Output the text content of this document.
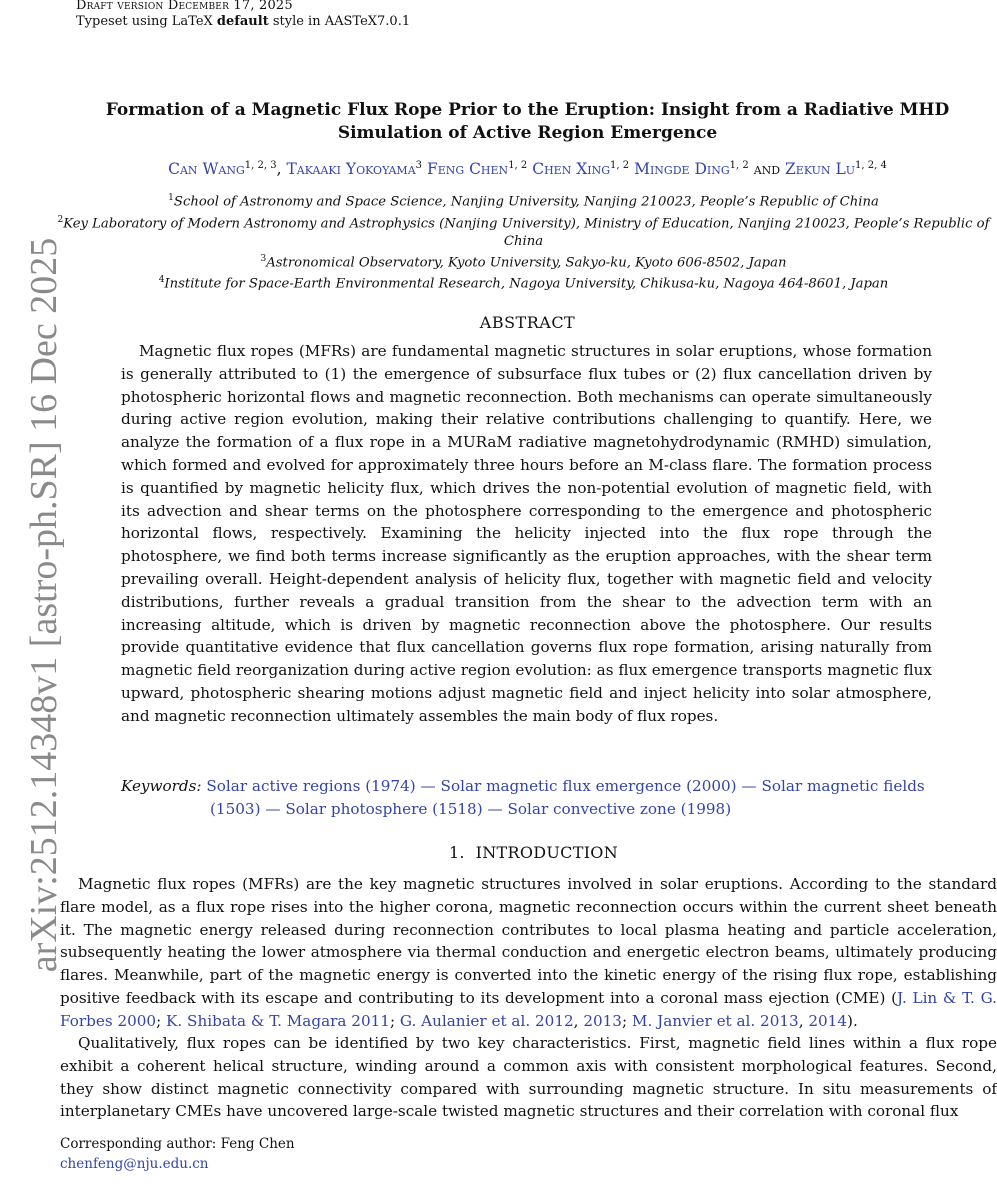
arXiv:2512.14348v1 [astro-ph.SR] 16 Dec 2025
Draft version December 17, 2025
Typeset using LaTeX default style in AASTeX7.0.1
Formation of a Magnetic Flux Rope Prior to the Eruption: Insight from a Radiative MHD
Simulation of Active Region Emergence
Can Wang$^{1, 2, 3}$, Takaaki Yokoyama$^3$ Feng Chen$^{1, 2}$ Chen Xing$^{1, 2}$ Mingde Ding$^{1, 2}$ and Zekun Lu$^{1, 2, 4}$
$^1$School of Astronomy and Space Science, Nanjing University, Nanjing 210023, People’s Republic of China
$^2$Key Laboratory of Modern Astronomy and Astrophysics (Nanjing University), Ministry of Education, Nanjing 210023, People’s Republic of China
$^3$Astronomical Observatory, Kyoto University, Sakyo-ku, Kyoto 606-8502, Japan
$^4$Institute for Space-Earth Environmental Research, Nagoya University, Chikusa-ku, Nagoya 464-8601, Japan
ABSTRACT
Magnetic flux ropes (MFRs) are fundamental magnetic structures in solar eruptions, whose formation is generally attributed to (1) the emergence of subsurface flux tubes or (2) flux cancellation driven by photospheric horizontal flows and magnetic reconnection. Both mechanisms can operate simultaneously during active region evolution, making their relative contributions challenging to quantify. Here, we analyze the formation of a flux rope in a MURaM radiative magnetohydrodynamic (RMHD) simulation, which formed and evolved for approximately three hours before an M-class flare. The formation process is quantified by magnetic helicity flux, which drives the non-potential evolution of magnetic field, with its advection and shear terms on the photosphere corresponding to the emergence and photospheric horizontal flows, respectively. Examining the helicity injected into the flux rope through the photosphere, we find both terms increase significantly as the eruption approaches, with the shear term prevailing overall. Height-dependent analysis of helicity flux, together with magnetic field and velocity distributions, further reveals a gradual transition from the shear to the advection term with an increasing altitude, which is driven by magnetic reconnection above the photosphere. Our results provide quantitative evidence that flux cancellation governs flux rope formation, arising naturally from magnetic field reorganization during active region evolution: as flux emergence transports magnetic flux upward, photospheric shearing motions adjust magnetic field and inject helicity into solar atmosphere, and magnetic reconnection ultimately assembles the main body of flux ropes.
Keywords: Solar active regions (1974) — Solar magnetic flux emergence (2000) — Solar magnetic fields
(1503) — Solar photosphere (1518) — Solar convective zone (1998)
1. INTRODUCTION
Magnetic flux ropes (MFRs) are the key magnetic structures involved in solar eruptions. According to the standard flare model, as a flux rope rises into the higher corona, magnetic reconnection occurs within the current sheet beneath it. The magnetic energy released during reconnection contributes to local plasma heating and particle acceleration, subsequently heating the lower atmosphere via thermal conduction and energetic electron beams, ultimately producing flares. Meanwhile, part of the magnetic energy is converted into the kinetic energy of the rising flux rope, establishing positive feedback with its escape and contributing to its development into a coronal mass ejection (CME) (J. Lin & T. G. Forbes 2000; K. Shibata & T. Magara 2011; G. Aulanier et al. 2012, 2013; M. Janvier et al. 2013, 2014).
Qualitatively, flux ropes can be identified by two key characteristics. First, magnetic field lines within a flux rope exhibit a coherent helical structure, winding around a common axis with consistent morphological features. Second, they show distinct magnetic connectivity compared with surrounding magnetic structure. In situ measurements of interplanetary CMEs have uncovered large-scale twisted magnetic structures and their correlation with coronal flux
Corresponding author: Feng Chen
chenfeng@nju.edu.cn
